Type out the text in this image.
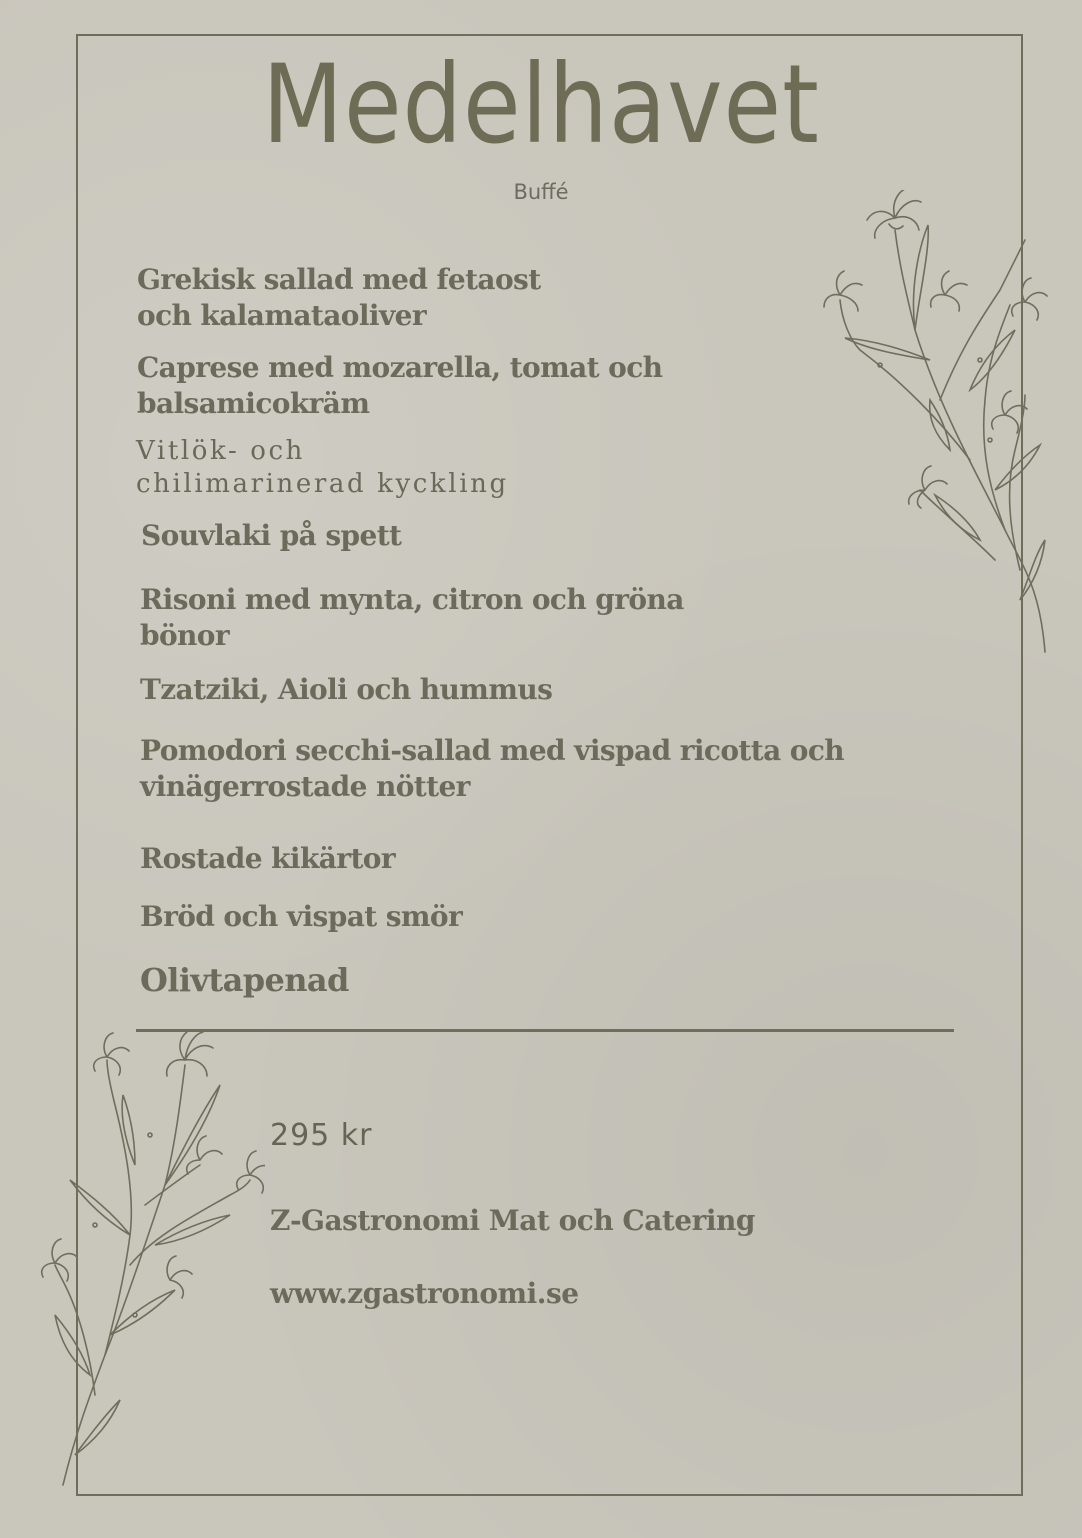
Medelhavet
Buffé
Grekisk sallad med fetaost
och kalamataoliver
Caprese med mozarella, tomat och
balsamicokräm
Vitlök- och
chilimarinerad kyckling
Souvlaki på spett
Risoni med mynta, citron och gröna
bönor
Tzatziki, Aioli och hummus
Pomodori secchi-sallad med vispad ricotta och
vinägerrostade nötter
Rostade kikärtor
Bröd och vispat smör
Olivtapenad
295 kr
Z-Gastronomi Mat och Catering
www.zgastronomi.se
